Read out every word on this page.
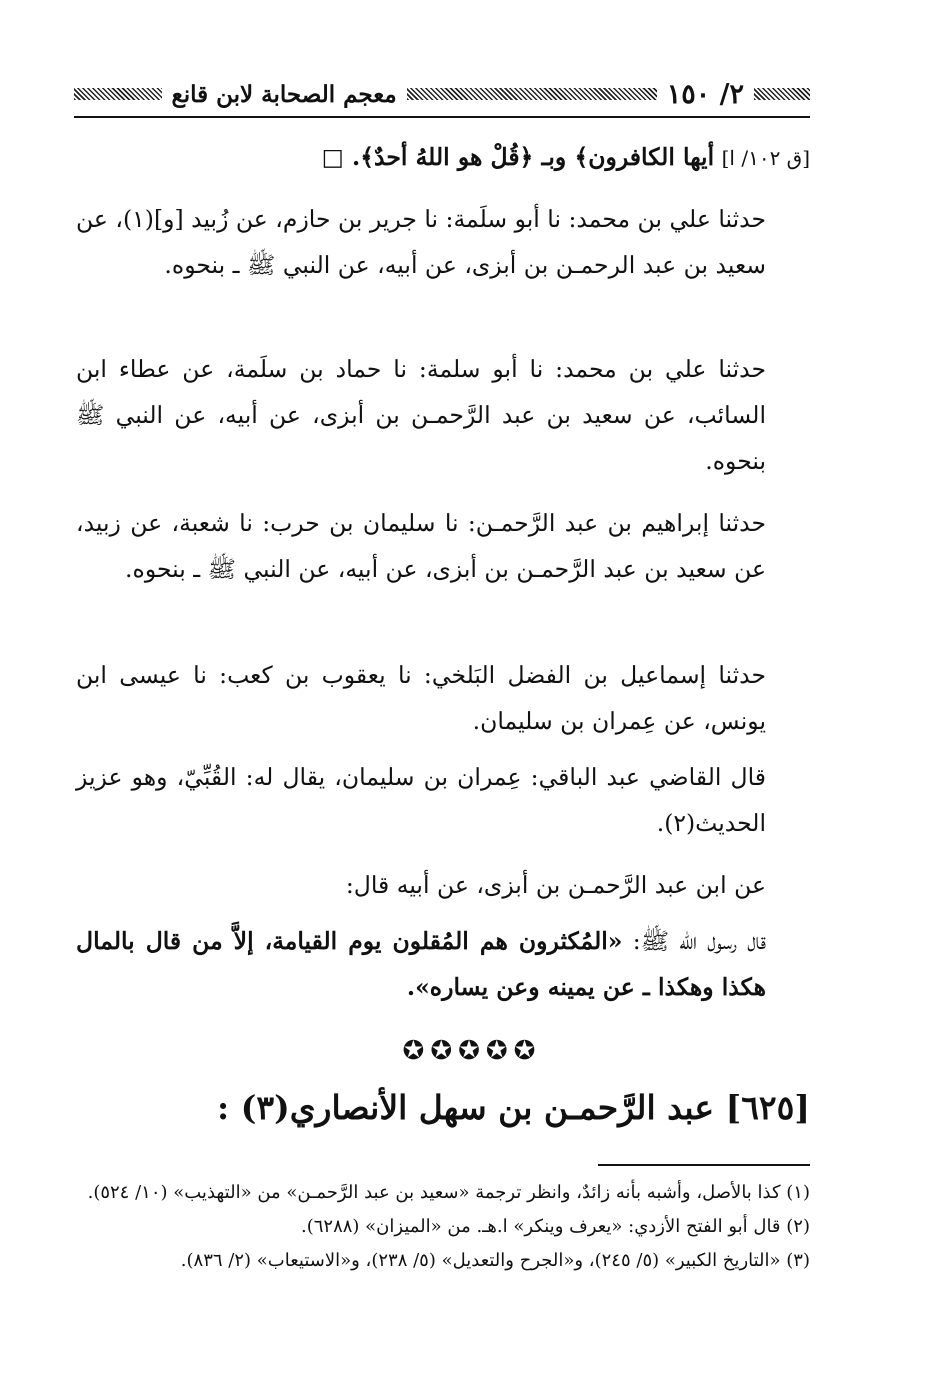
٢/ ١٥٠
معجم الصحابة لابن قانع

[ق ١٠٢/ ا] أيها الكافرون﴾ وبـ ﴿قُلْ هو اللهُ أحدٌ﴾. □

حدثنا علي بن محمد: نا أبو سلَمة: نا جرير بن حازم، عن زُبيد [و](١)، عن سعيد بن عبد الرحمـن بن أبزى، عن أبيه، عن النبي ﷺ ـ بنحوه.

حدثنا علي بن محمد: نا أبو سلمة: نا حماد بن سلَمة، عن عطاء ابن السائب، عن سعيد بن عبد الرَّحمـن بن أبزى، عن أبيه، عن النبي ﷺ بنحوه.

حدثنا إبراهيم بن عبد الرَّحمـن: نا سليمان بن حرب: نا شعبة، عن زبيد، عن سعيد بن عبد الرَّحمـن بن أبزى، عن أبيه، عن النبي ﷺ ـ بنحوه.

حدثنا إسماعيل بن الفضل البَلخي: نا يعقوب بن كعب: نا عيسى ابن يونس، عن عِمران بن سليمان.

قال القاضي عبد الباقي: عِمران بن سليمان، يقال له: القُبِّيّ، وهو عزيز الحديث(٢).

عن ابن عبد الرَّحمـن بن أبزى، عن أبيه قال:

قال رسول الله ﷺ: «المُكثرون هم المُقلون يوم القيامة، إلاَّ من قال بالمال هكذا وهكذا ـ عن يمينه وعن يساره».

✪✪✪✪✪
[٦٢٥] عبد الرَّحمـن بن سهل الأنصاري(٣) :

(١) كذا بالأصل، وأشبه بأنه زائدٌ، وانظر ترجمة «سعيد بن عبد الرَّحمـن» من «التهذيب» (١٠/ ٥٢٤).

(٢) قال أبو الفتح الأزدي: «يعرف وينكر» ا.هـ. من «الميزان» (٦٢٨٨).

(٣) «التاريخ الكبير» (٥/ ٢٤٥)، و«الجرح والتعديل» (٥/ ٢٣٨)، و«الاستيعاب» (٢/ ٨٣٦).
